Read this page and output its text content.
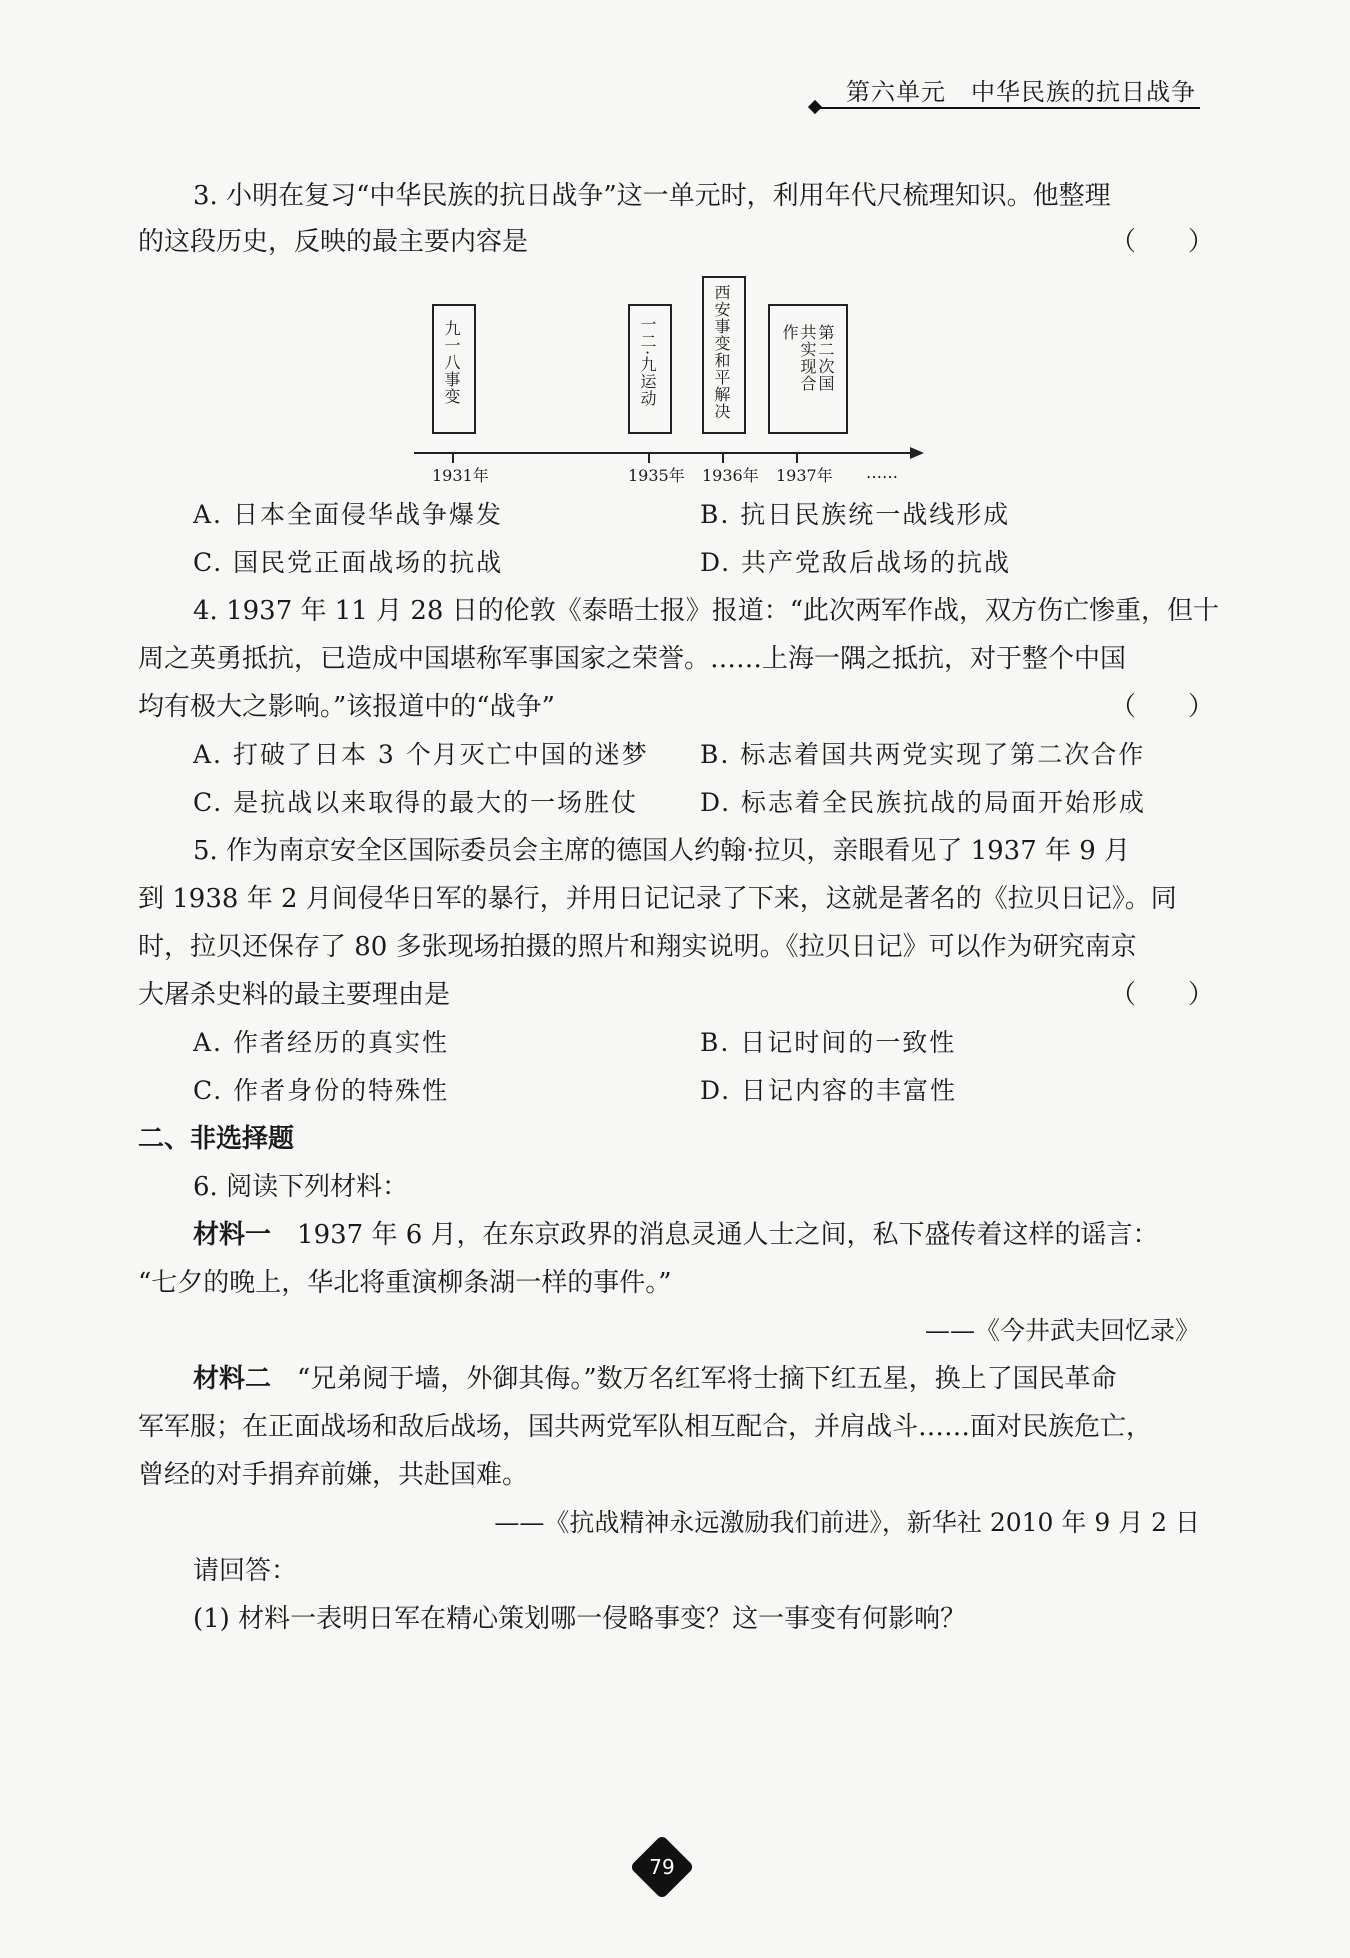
第六单元　中华民族的抗日战争
3. 小明在复习“中华民族的抗日战争”这一单元时，利用年代尺梳理知识。他整理
的这段历史，反映的最主要内容是	（　　）
九一八事变	一二·九运动	西安事变和平解决	第二次国共实现合作
1931年	1935年 1936年 1937年 ……
A. 日本全面侵华战争爆发	B. 抗日民族统一战线形成
C. 国民党正面战场的抗战	D. 共产党敌后战场的抗战
4. 1937 年 11 月 28 日的伦敦《泰晤士报》报道：“此次两军作战，双方伤亡惨重，但十
周之英勇抵抗，已造成中国堪称军事国家之荣誉。……上海一隅之抵抗，对于整个中国
均有极大之影响。”该报道中的“战争”	（　　）
A. 打破了日本 3 个月灭亡中国的迷梦 B. 标志着国共两党实现了第二次合作
C. 是抗战以来取得的最大的一场胜仗 D. 标志着全民族抗战的局面开始形成
5. 作为南京安全区国际委员会主席的德国人约翰·拉贝，亲眼看见了 1937 年 9 月
到 1938 年 2 月间侵华日军的暴行，并用日记记录了下来，这就是著名的《拉贝日记》。同
时，拉贝还保存了 80 多张现场拍摄的照片和翔实说明。《拉贝日记》可以作为研究南京
大屠杀史料的最主要理由是	（　　）
A. 作者经历的真实性	B. 日记时间的一致性
C. 作者身份的特殊性	D. 日记内容的丰富性
二、非选择题
6. 阅读下列材料：
材料一　 1937 年 6 月，在东京政界的消息灵通人士之间，私下盛传着这样的谣言：
“七夕的晚上，华北将重演柳条湖一样的事件。”
——《今井武夫回忆录》
材料二　 “兄弟阋于墙，外御其侮。”数万名红军将士摘下红五星，换上了国民革命
军军服；在正面战场和敌后战场，国共两党军队相互配合，并肩战斗……面对民族危亡，
曾经的对手捐弃前嫌，共赴国难。
——《抗战精神永远激励我们前进》，新华社 2010 年 9 月 2 日
请回答：
(1) 材料一表明日军在精心策划哪一侵略事变？这一事变有何影响？
79
